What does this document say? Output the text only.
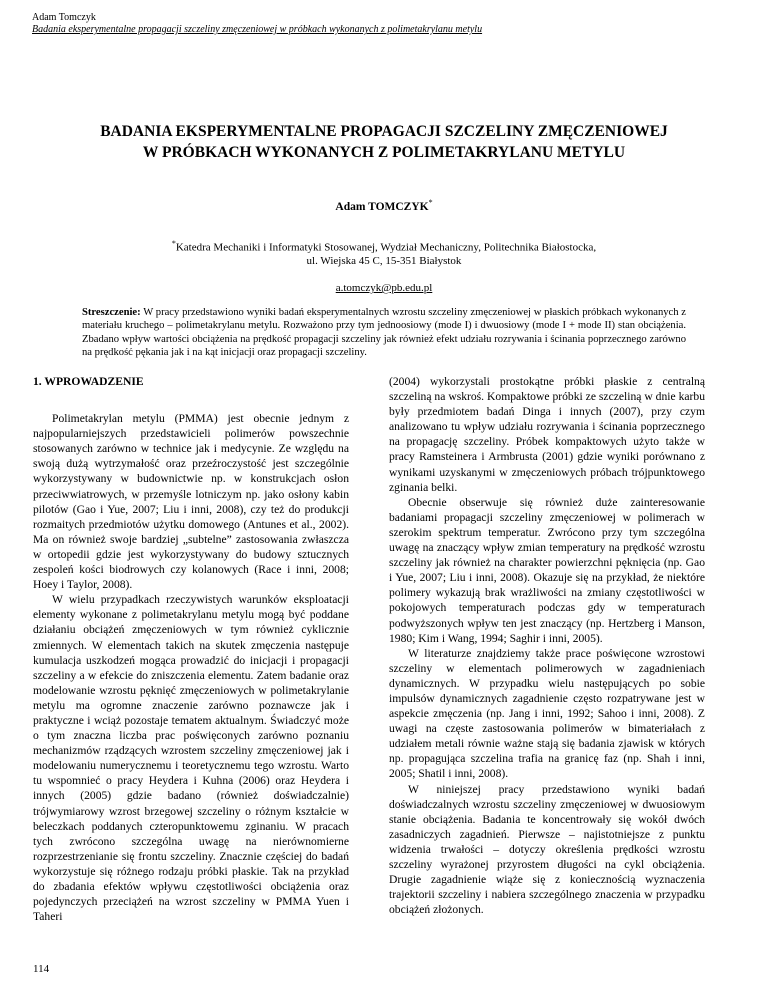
Adam Tomczyk
Badania eksperymentalne propagacji szczeliny zmęczeniowej w próbkach wykonanych z polimetakrylanu metylu
BADANIA EKSPERYMENTALNE PROPAGACJI SZCZELINY ZMĘCZENIOWEJ
W PRÓBKACH WYKONANYCH Z POLIMETAKRYLANU METYLU
Adam TOMCZYK*
*Katedra Mechaniki i Informatyki Stosowanej, Wydział Mechaniczny, Politechnika Białostocka,
ul. Wiejska 45 C, 15-351 Białystok
a.tomczyk@pb.edu.pl
Streszczenie: W pracy przedstawiono wyniki badań eksperymentalnych wzrostu szczeliny zmęczeniowej w płaskich próbkach wykonanych z materiału kruchego – polimetakrylanu metylu. Rozważono przy tym jednoosiowy (mode I) i dwuosiowy (mode I + mode II) stan obciążenia. Zbadano wpływ wartości obciążenia na prędkość propagacji szczeliny jak również efekt udziału rozrywania i ścinania poprzecznego zarówno na prędkość pękania jak i na kąt inicjacji oraz propagacji szczeliny.
1. WPROWADZENIE

Polimetakrylan metylu (PMMA) jest obecnie jednym z najpopularniejszych przedstawicieli polimerów powszechnie stosowanych zarówno w technice jak i medycynie. Ze względu na swoją dużą wytrzymałość oraz przeźroczystość jest szczególnie wykorzystywany w budownictwie np. w konstrukcjach osłon przeciwwiatrowych, w przemyśle lotniczym np. jako osłony kabin pilotów (Gao i Yue, 2007; Liu i inni, 2008), czy też do produkcji rozmaitych przedmiotów użytku domowego (Antunes et al., 2002). Ma on również swoje bardziej „subtelne” zastosowania zwłaszcza w ortopedii gdzie jest wykorzystywany do budowy sztucznych zespoleń kości biodrowych czy kolanowych (Race i inni, 2008; Hoey i Taylor, 2008).

W wielu przypadkach rzeczywistych warunków eksploatacji elementy wykonane z polimetakrylanu metylu mogą być poddane działaniu obciążeń zmęczeniowych w tym również cyklicznie zmiennych. W elementach takich na skutek zmęczenia następuje kumulacja uszkodzeń mogąca prowadzić do inicjacji i propagacji szczeliny a w efekcie do zniszczenia elementu. Zatem badanie oraz modelowanie wzrostu pęknięć zmęczeniowych w polimetakrylanie metylu ma ogromne znaczenie zarówno poznawcze jak i praktyczne i wciąż pozostaje tematem aktualnym. Świadczyć może o tym znaczna liczba prac poświęconych zarówno poznaniu mechanizmów rządzących wzrostem szczeliny zmęczeniowej jak i modelowaniu numerycznemu i teoretycznemu tego wzrostu. Warto tu wspomnieć o pracy Heydera i Kuhna (2006) oraz Heydera i innych (2005) gdzie badano (również doświadczalnie) trójwymiarowy wzrost brzegowej szczeliny o różnym kształcie w beleczkach poddanych czteropunktowemu zginaniu. W pracach tych zwrócono szczególna uwagę na nierównomierne rozprzestrzenianie się frontu szczeliny. Znacznie częściej do badań wykorzystuje się różnego rodzaju próbki płaskie. Tak na przykład do zbadania efektów wpływu częstotliwości obciążenia oraz pojedynczych przeciążeń na wzrost szczeliny w PMMA Yuen i Taheri

(2004) wykorzystali prostokątne próbki płaskie z centralną szczeliną na wskroś. Kompaktowe próbki ze szczeliną w dnie karbu były przedmiotem badań Dinga i innych (2007), przy czym analizowano tu wpływ udziału rozrywania i ścinania poprzecznego na propagację szczeliny. Próbek kompaktowych użyto także w pracy Ramsteinera i Armbrusta (2001) gdzie wyniki porównano z wynikami uzyskanymi w zmęczeniowych próbach trójpunktowego zginania belki.

Obecnie obserwuje się również duże zainteresowanie badaniami propagacji szczeliny zmęczeniowej w polimerach w szerokim spektrum temperatur. Zwrócono przy tym szczególna uwagę na znaczący wpływ zmian temperatury na prędkość wzrostu szczeliny jak również na charakter powierzchni pęknięcia (np. Gao i Yue, 2007; Liu i inni, 2008). Okazuje się na przykład, że niektóre polimery wykazują brak wrażliwości na zmiany częstotliwości w pokojowych temperaturach podczas gdy w temperaturach podwyższonych wpływ ten jest znaczący (np. Hertzberg i Manson, 1980; Kim i Wang, 1994; Saghir i inni, 2005).

W literaturze znajdziemy także prace poświęcone wzrostowi szczeliny w elementach polimerowych w zagadnieniach dynamicznych. W przypadku wielu następujących po sobie impulsów dynamicznych zagadnienie często rozpatrywane jest w aspekcie zmęczenia (np. Jang i inni, 1992; Sahoo i inni, 2008). Z uwagi na częste zastosowania polimerów w bimateriałach z udziałem metali równie ważne stają się badania zjawisk w których np. propagująca szczelina trafia na granicę faz (np. Shah i inni, 2005; Shatil i inni, 2008).

W niniejszej pracy przedstawiono wyniki badań doświadczalnych wzrostu szczeliny zmęczeniowej w dwuosiowym stanie obciążenia. Badania te koncentrowały się wokół dwóch zasadniczych zagadnień. Pierwsze – najistotniejsze z punktu widzenia trwałości – dotyczy określenia prędkości wzrostu szczeliny wyrażonej przyrostem długości na cykl obciążenia. Drugie zagadnienie wiąże się z koniecznością wyznaczenia trajektorii szczeliny i nabiera szczególnego znaczenia w przypadku obciążeń złożonych.

114
